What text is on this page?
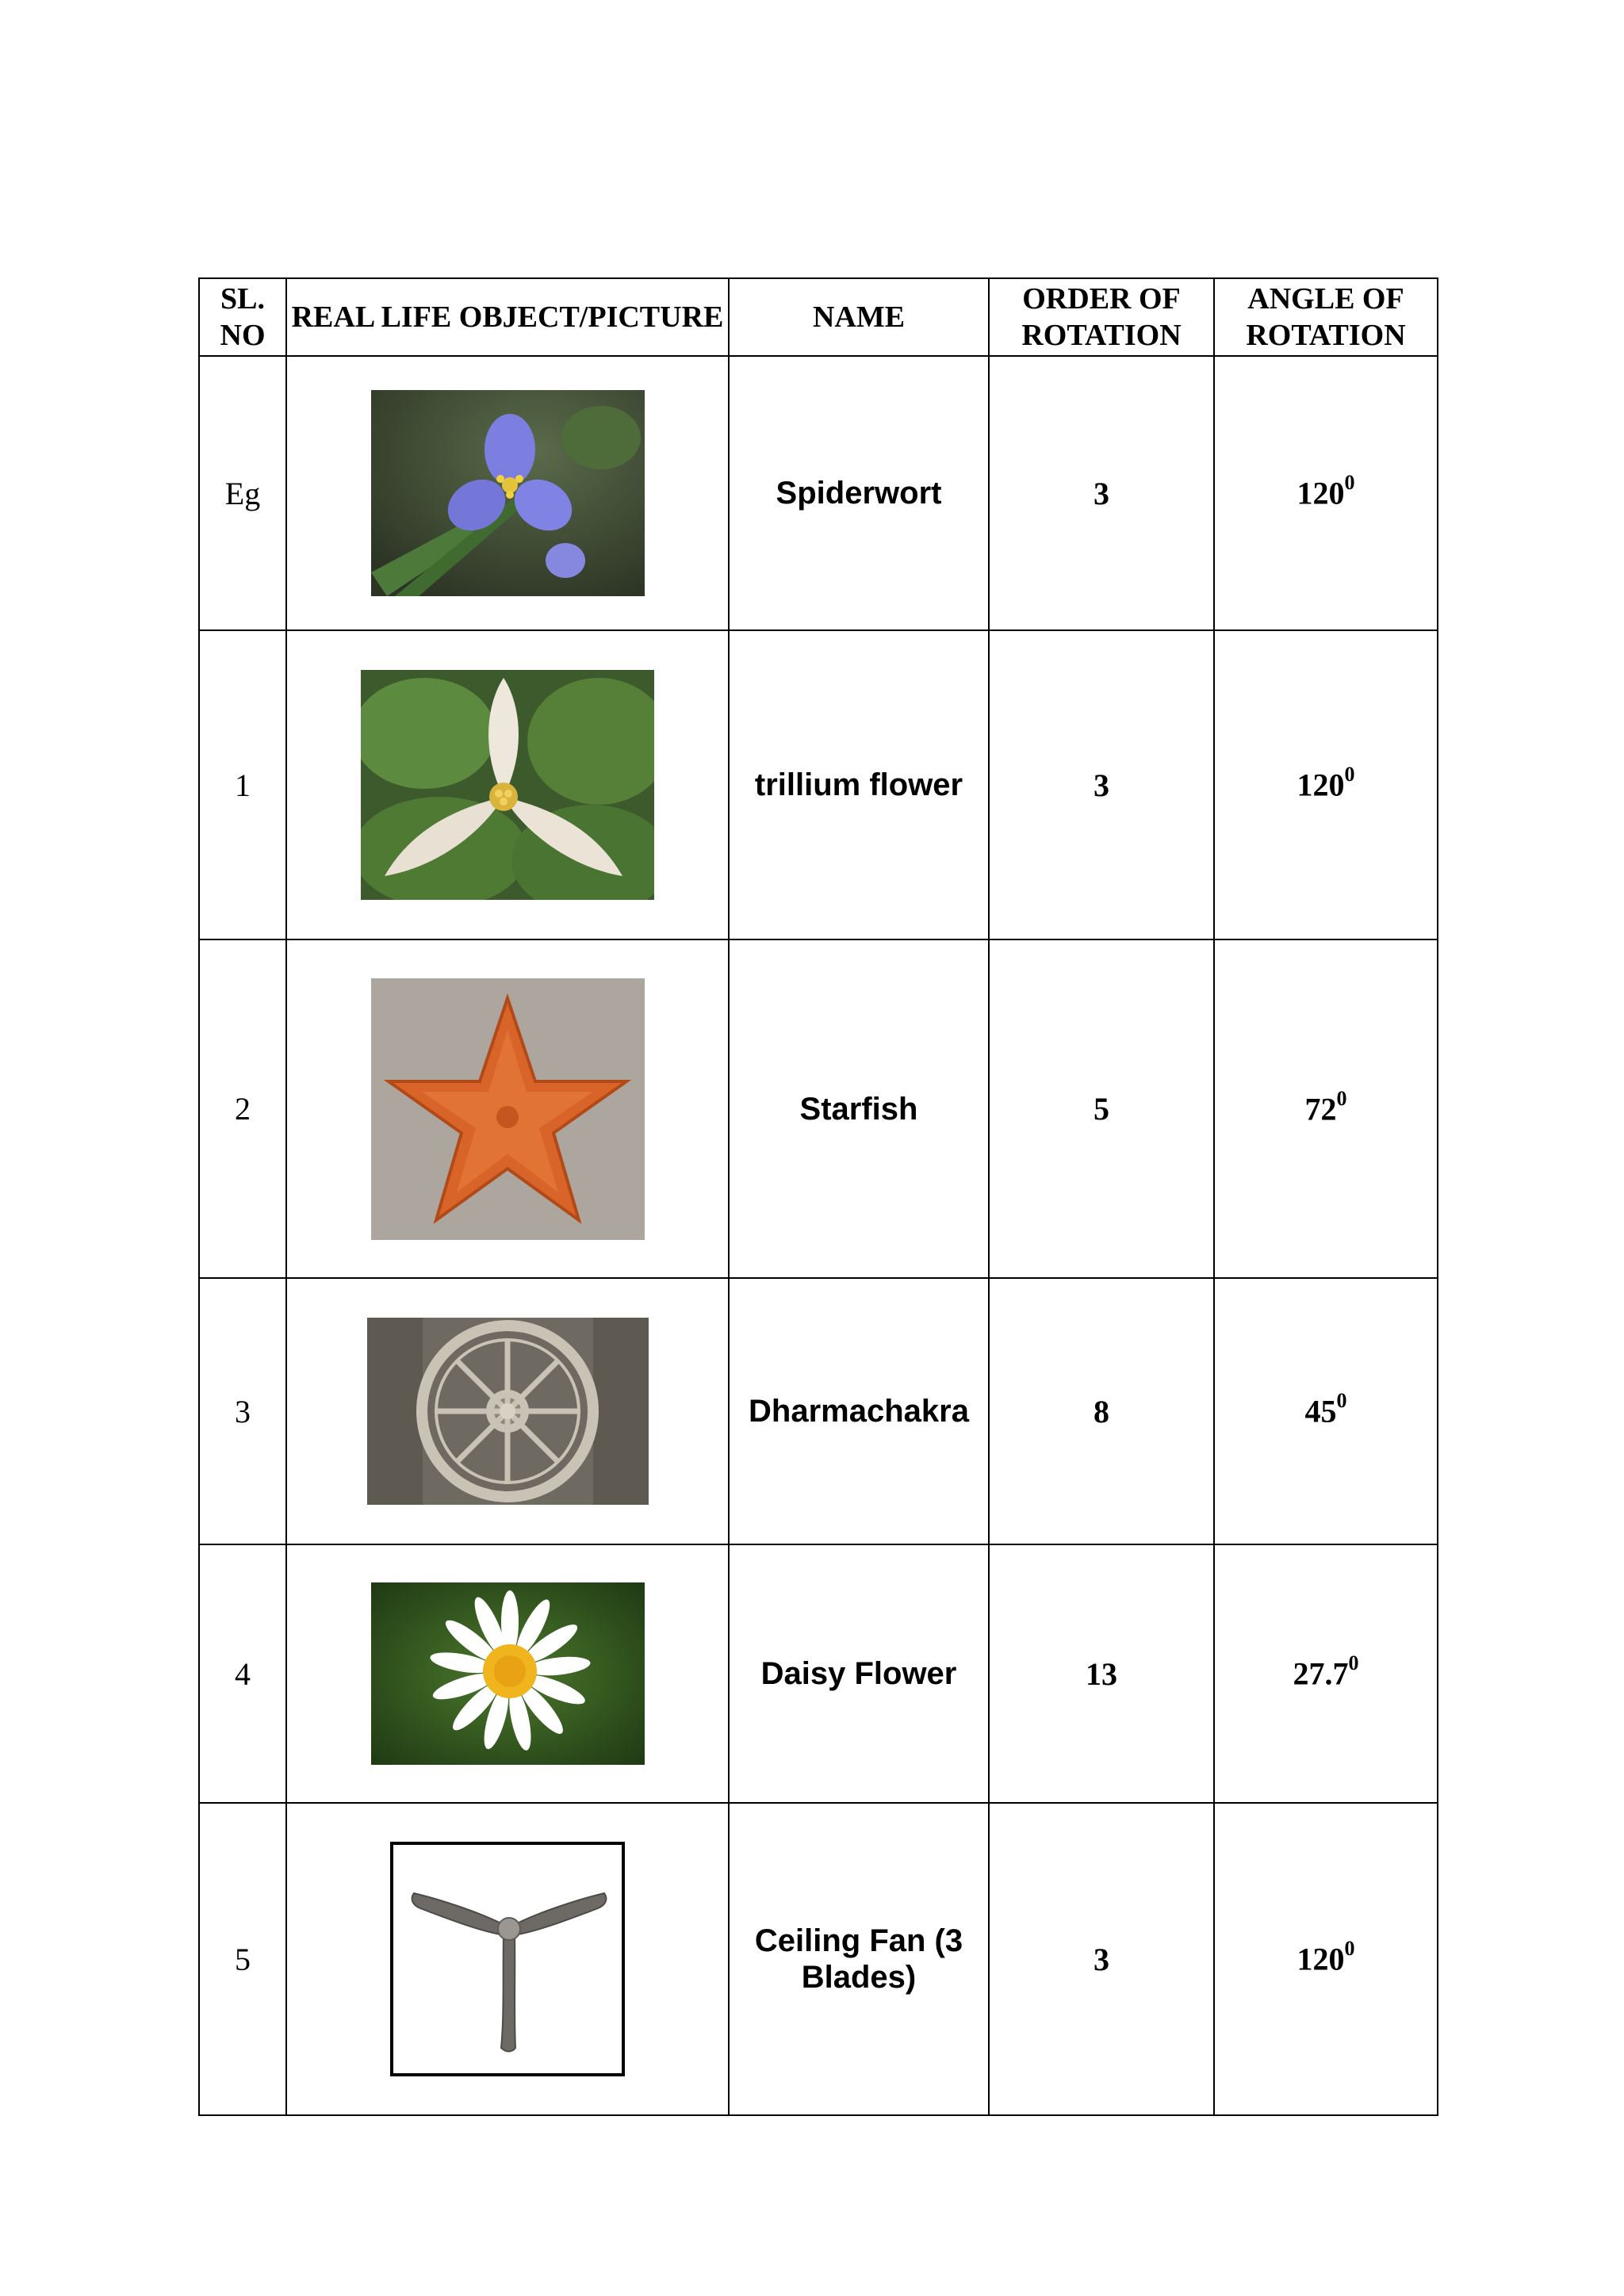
SL. NO	REAL LIFE OBJECT/PICTURE	NAME	ORDER OF ROTATION	ANGLE OF ROTATION
Eg		Spiderwort	3	$120^0$
1		trillium flower	3	$120^0$
2		Starfish	5	$72^0$
3		Dharmachakra	8	$45^0$
4		Daisy Flower	13	27.7$^0$
5		Ceiling Fan (3 Blades)	3	$120^0$
